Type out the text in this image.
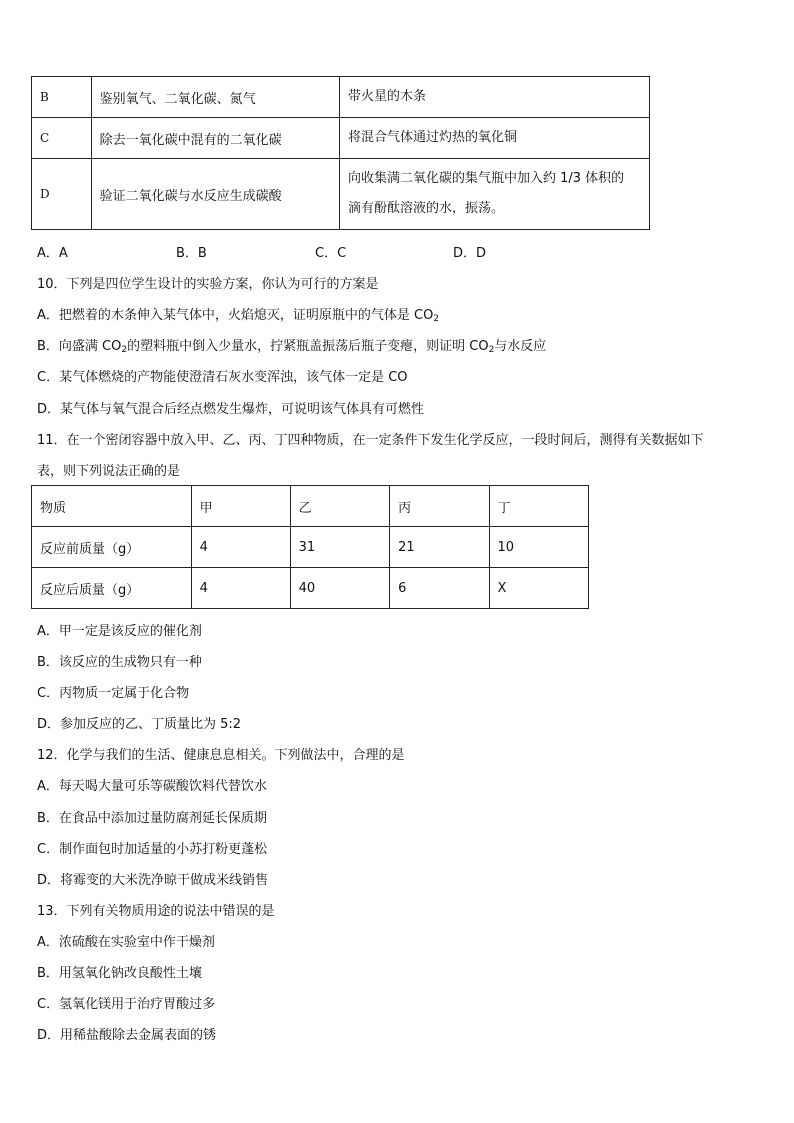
B	鉴别氧气、二氧化碳、氮气	带火星的木条

C	除去一氧化碳中混有的二氧化碳	将混合气体通过灼热的氧化铜

D	验证二氧化碳与水反应生成碳酸	向收集满二氧化碳的集气瓶中加入约 1/3 体积的
滴有酚酞溶液的水，振荡。
A．A	B．B	C．C	D．D
10．下列是四位学生设计的实验方案，你认为可行的方案是
A．把燃着的木条伸入某气体中，火焰熄灭，证明原瓶中的气体是 $CO_2$
B．向盛满 $CO_2$的塑料瓶中倒入少量水，拧紧瓶盖振荡后瓶子变瘪，则证明 $CO_2$与水反应
C．某气体燃烧的产物能使澄清石灰水变浑浊，该气体一定是 CO
D．某气体与氧气混合后经点燃发生爆炸，可说明该气体具有可燃性
11．在一个密闭容器中放入甲、乙、丙、丁四种物质，在一定条件下发生化学反应，一段时间后，测得有关数据如下
表，则下列说法正确的是
物质	甲	乙	丙	丁
反应前质量（g）	4	31	21	10
反应后质量（g）	4	40	6	X
A．甲一定是该反应的催化剂
B．该反应的生成物只有一种
C．丙物质一定属于化合物
D．参加反应的乙、丁质量比为 5:2
12．化学与我们的生活、健康息息相关。下列做法中，合理的是
A．每天喝大量可乐等碳酸饮料代替饮水
B．在食品中添加过量防腐剂延长保质期
C．制作面包时加适量的小苏打粉更蓬松
D．将霉变的大米洗净晾干做成米线销售
13．下列有关物质用途的说法中错误的是
A．浓硫酸在实验室中作干燥剂
B．用氢氧化钠改良酸性土壤
C．氢氧化镁用于治疗胃酸过多
D．用稀盐酸除去金属表面的锈
